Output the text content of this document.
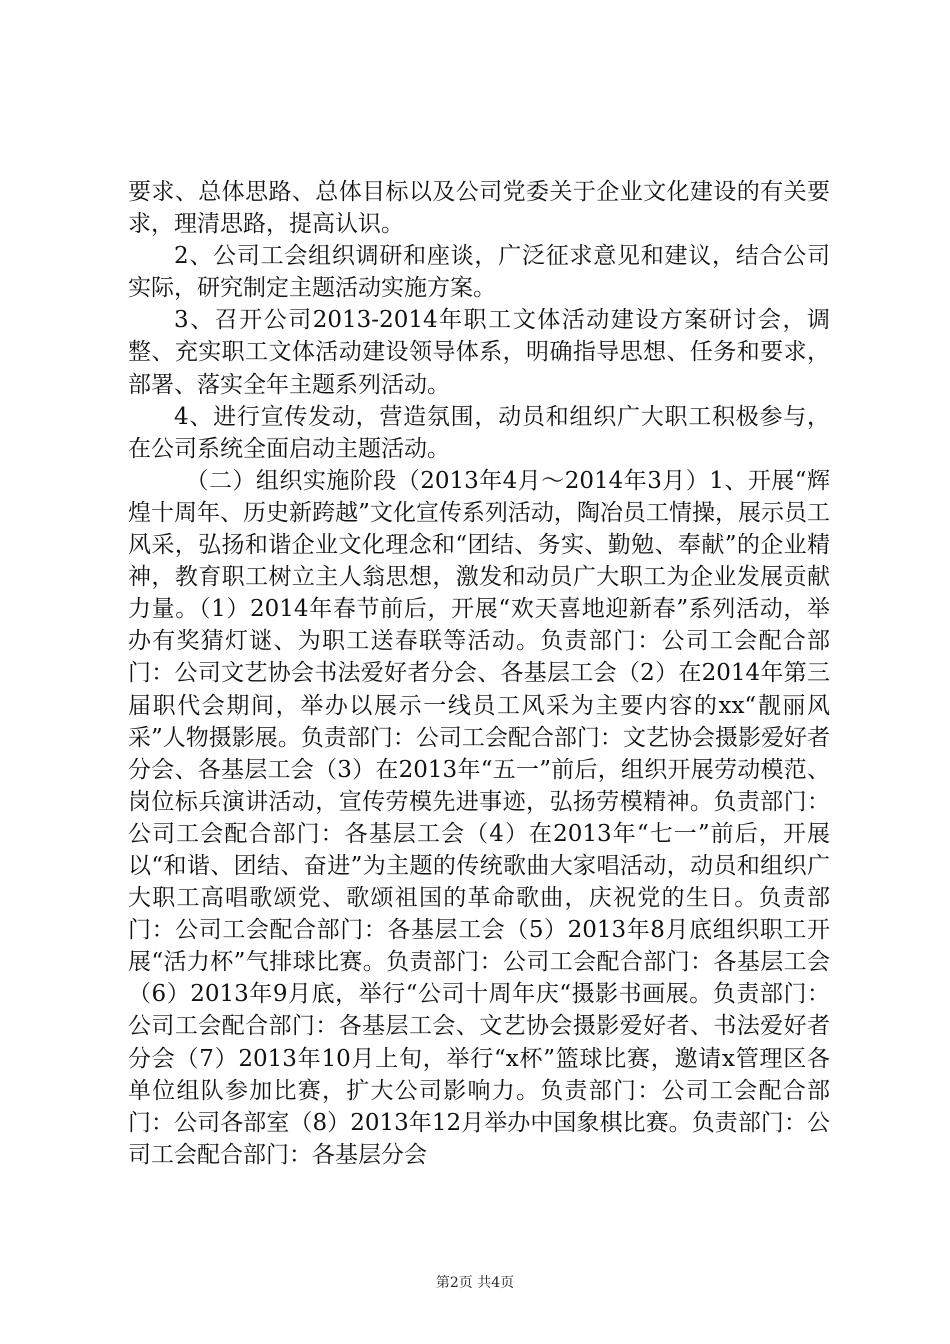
要求、总体思路、总体目标以及公司党委关于企业文化建设的有关要求，理清思路，提高认识。

2、公司工会组织调研和座谈，广泛征求意见和建议，结合公司实际，研究制定主题活动实施方案。

3、召开公司2013-2014年职工文体活动建设方案研讨会，调整、充实职工文体活动建设领导体系，明确指导思想、任务和要求，部署、落实全年主题系列活动。

4、进行宣传发动，营造氛围，动员和组织广大职工积极参与，在公司系统全面启动主题活动。

（二）组织实施阶段（2013年4月～2014年3月）1、开展“辉煌十周年、历史新跨越”文化宣传系列活动，陶冶员工情操，展示员工风采，弘扬和谐企业文化理念和“团结、务实、勤勉、奉献”的企业精神，教育职工树立主人翁思想，激发和动员广大职工为企业发展贡献力量。（1）2014年春节前后，开展“欢天喜地迎新春”系列活动，举办有奖猜灯谜、为职工送春联等活动。负责部门：公司工会配合部门：公司文艺协会书法爱好者分会、各基层工会（2）在2014年第三届职代会期间，举办以展示一线员工风采为主要内容的xx“靓丽风采”人物摄影展。负责部门：公司工会配合部门：文艺协会摄影爱好者分会、各基层工会（3）在2013年“五一”前后，组织开展劳动模范、岗位标兵演讲活动，宣传劳模先进事迹，弘扬劳模精神。负责部门：公司工会配合部门：各基层工会（4）在2013年“七一”前后，开展以“和谐、团结、奋进”为主题的传统歌曲大家唱活动，动员和组织广大职工高唱歌颂党、歌颂祖国的革命歌曲，庆祝党的生日。负责部门：公司工会配合部门：各基层工会（5）2013年8月底组织职工开展“活力杯”气排球比赛。负责部门：公司工会配合部门：各基层工会（6）2013年9月底，举行“公司十周年庆“摄影书画展。负责部门：公司工会配合部门：各基层工会、文艺协会摄影爱好者、书法爱好者分会（7）2013年10月上旬，举行“x杯”篮球比赛，邀请x管理区各单位组队参加比赛，扩大公司影响力。负责部门：公司工会配合部门：公司各部室（8）2013年12月举办中国象棋比赛。负责部门：公司工会配合部门：各基层分会

第2页 共4页
